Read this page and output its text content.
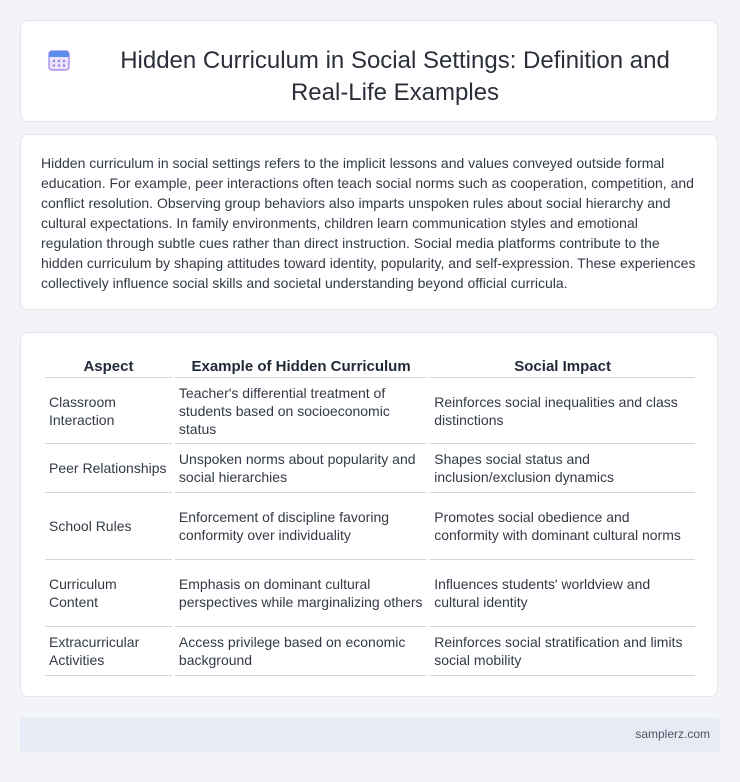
Hidden Curriculum in Social Settings: Definition and Real-Life Examples

Hidden curriculum in social settings refers to the implicit lessons and values conveyed outside formal education. For example, peer interactions often teach social norms such as cooperation, competition, and conflict resolution. Observing group behaviors also imparts unspoken rules about social hierarchy and cultural expectations. In family environments, children learn communication styles and emotional regulation through subtle cues rather than direct instruction. Social media platforms contribute to the hidden curriculum by shaping attitudes toward identity, popularity, and self-expression. These experiences collectively influence social skills and societal understanding beyond official curricula.

Aspect	Example of Hidden Curriculum	Social Impact
Classroom Interaction	Teacher's differential treatment of students based on socioeconomic status	Reinforces social inequalities and class distinctions
Peer Relationships	Unspoken norms about popularity and social hierarchies	Shapes social status and inclusion/exclusion dynamics
School Rules	Enforcement of discipline favoring conformity over individuality	Promotes social obedience and conformity with dominant cultural norms
Curriculum Content	Emphasis on dominant cultural perspectives while marginalizing others	Influences students' worldview and cultural identity
Extracurricular Activities	Access privilege based on economic background	Reinforces social stratification and limits social mobility
samplerz.com
